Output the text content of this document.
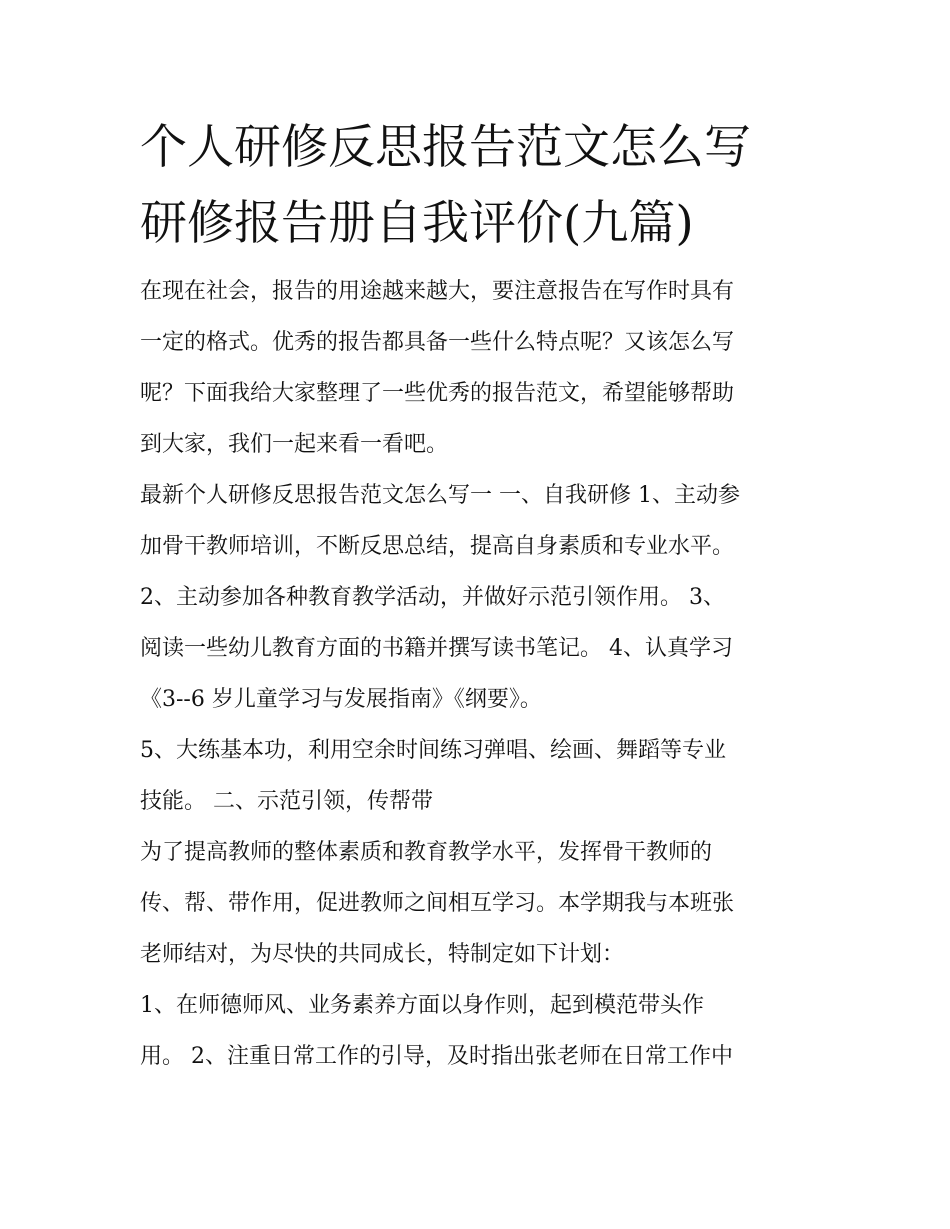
个人研修反思报告范文怎么写
研修报告册自我评价(九篇)

在现在社会，报告的用途越来越大，要注意报告在写作时具有
一定的格式。优秀的报告都具备一些什么特点呢？又该怎么写
呢？下面我给大家整理了一些优秀的报告范文，希望能够帮助
到大家，我们一起来看一看吧。

最新个人研修反思报告范文怎么写一 一、自我研修 1、主动参
加骨干教师培训，不断反思总结，提高自身素质和专业水平。
2、主动参加各种教育教学活动，并做好示范引领作用。 3、
阅读一些幼儿教育方面的书籍并撰写读书笔记。 4、认真学习
《3--6 岁儿童学习与发展指南》《纲要》。

5、大练基本功，利用空余时间练习弹唱、绘画、舞蹈等专业
技能。 二、示范引领，传帮带

为了提高教师的整体素质和教育教学水平，发挥骨干教师的
传、帮、带作用，促进教师之间相互学习。本学期我与本班张
老师结对，为尽快的共同成长，特制定如下计划：

1、在师德师风、业务素养方面以身作则，起到模范带头作
用。 2、注重日常工作的引导，及时指出张老师在日常工作中
